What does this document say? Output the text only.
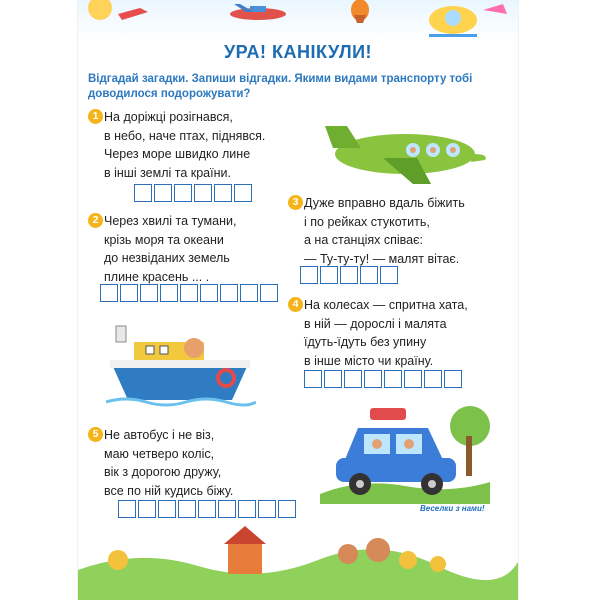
УРА! КАНІКУЛИ!
Відгадай загадки. Запиши відгадки. Якими видами транспорту тобі доводилося подорожувати?
1 На доріжці розігнався,
в небо, наче птах, піднявся.
Через море швидко лине
в інші землі та країни.
2 Через хвилі та тумани,
крізь моря та океани
до незвіданих земель
плине красень ... .
3 Дуже вправно вдаль біжить
і по рейках стукотить,
а на станціях співає:
— Ту-ту-ту! — малят вітає.
4 На колесах — спритна хата,
в ній — дорослі і малята
їдуть-їдуть без упину
в інше місто чи країну.
5 Не автобус і не віз,
маю четверо коліс,
вік з дорогою дружу,
все по ній кудись біжу.
Веселки з нами!
